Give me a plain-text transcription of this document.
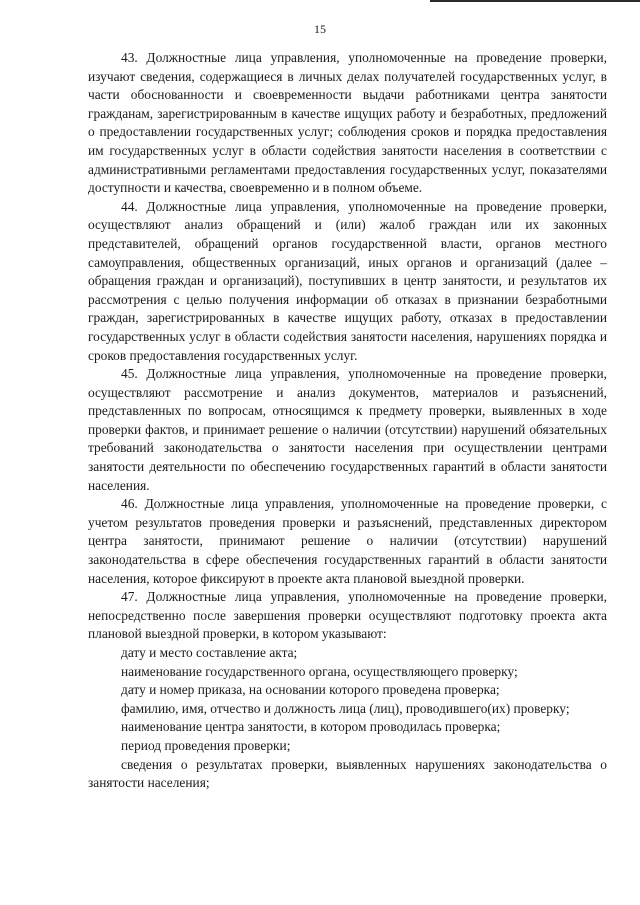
15

43. Должностные лица управления, уполномоченные на проведение проверки, изучают сведения, содержащиеся в личных делах получателей государственных услуг, в части обоснованности и своевременности выдачи работниками центра занятости гражданам, зарегистрированным в качестве ищущих работу и безработных, предложений о предоставлении государственных услуг; соблюдения сроков и порядка предоставления им государственных услуг в области содействия занятости населения в соответствии с административными регламентами предоставления государственных услуг, показателями доступности и качества, своевременно и в полном объеме.

44. Должностные лица управления, уполномоченные на проведение проверки, осуществляют анализ обращений и (или) жалоб граждан или их законных представителей, обращений органов государственной власти, органов местного самоуправления, общественных организаций, иных органов и организаций (далее – обращения граждан и организаций), поступивших в центр занятости, и результатов их рассмотрения с целью получения информации об отказах в признании безработными граждан, зарегистрированных в качестве ищущих работу, отказах в предоставлении государственных услуг в области содействия занятости населения, нарушениях порядка и сроков предоставления государственных услуг.

45. Должностные лица управления, уполномоченные на проведение проверки, осуществляют рассмотрение и анализ документов, материалов и разъяснений, представленных по вопросам, относящимся к предмету проверки, выявленных в ходе проверки фактов, и принимает решение о наличии (отсутствии) нарушений обязательных требований законодательства о занятости населения при осуществлении центрами занятости деятельности по обеспечению государственных гарантий в области занятости населения.

46. Должностные лица управления, уполномоченные на проведение проверки, с учетом результатов проведения проверки и разъяснений, представленных директором центра занятости, принимают решение о наличии (отсутствии) нарушений законодательства в сфере обеспечения государственных гарантий в области занятости населения, которое фиксируют в проекте акта плановой выездной проверки.

47. Должностные лица управления, уполномоченные на проведение проверки, непосредственно после завершения проверки осуществляют подготовку проекта акта плановой выездной проверки, в котором указывают:

дату и место составление акта;

наименование государственного органа, осуществляющего проверку;

дату и номер приказа, на основании которого проведена проверка;

фамилию, имя, отчество и должность лица (лиц), проводившего(их) проверку;

наименование центра занятости, в котором проводилась проверка;

период проведения проверки;

сведения о результатах проверки, выявленных нарушениях законодательства о занятости населения;
